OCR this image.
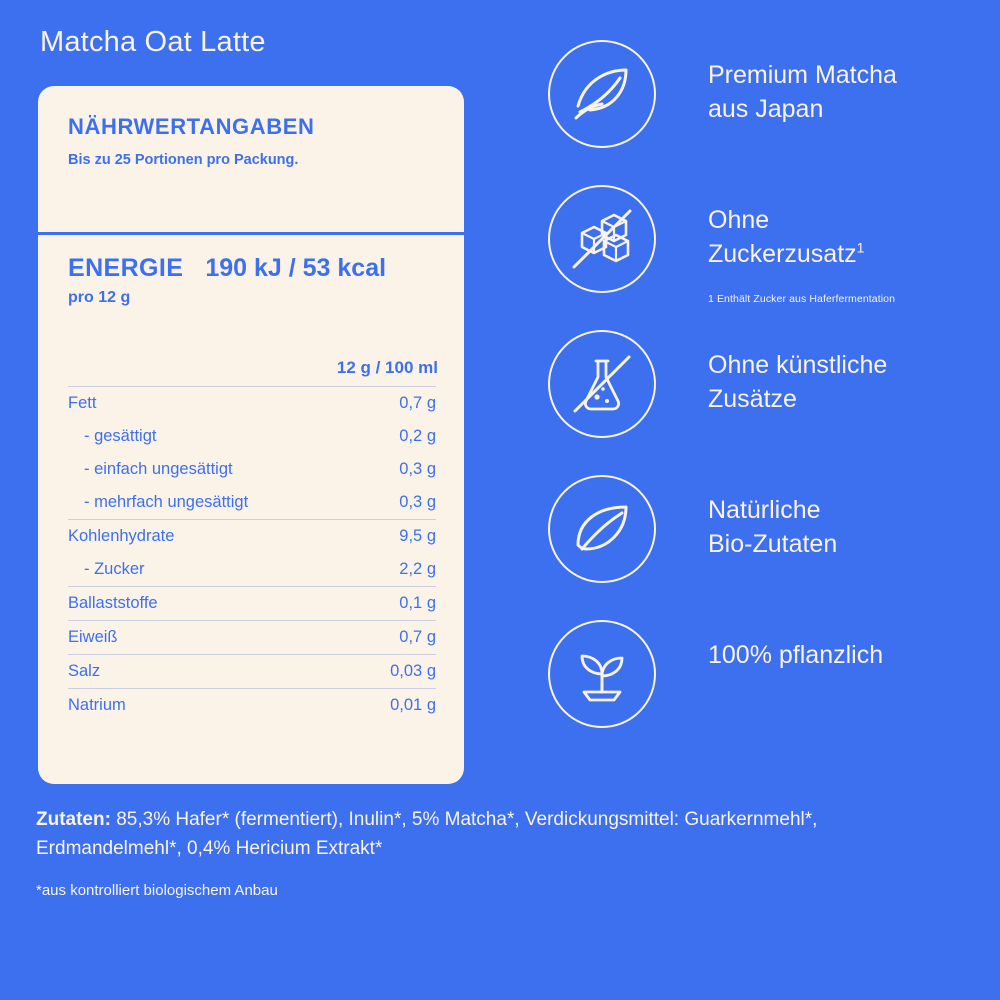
Matcha Oat Latte
NÄHRWERTANGABEN
Bis zu 25 Portionen pro Packung.
ENERGIE 190 kJ / 53 kcal
pro 12 g
12 g / 100 ml
Fett	0,7 g
- gesättigt	0,2 g
- einfach ungesättigt	0,3 g
- mehrfach ungesättigt	0,3 g
Kohlenhydrate	9,5 g
- Zucker	2,2 g
Ballaststoffe	0,1 g
Eiweiß	0,7 g
Salz	0,03 g
Natrium	0,01 g
Premium Matcha
aus Japan
Ohne
Zuckerzusatz$^1$
1 Enthält Zucker aus Haferfermentation
Ohne künstliche
Zusätze
Natürliche
Bio-Zutaten
100% pflanzlich
Zutaten: 85,3% Hafer* (fermentiert), Inulin*, 5% Matcha*, Verdickungsmittel: Guarkernmehl*, Erdmandelmehl*, 0,4% Hericium Extrakt*
*aus kontrolliert biologischem Anbau
